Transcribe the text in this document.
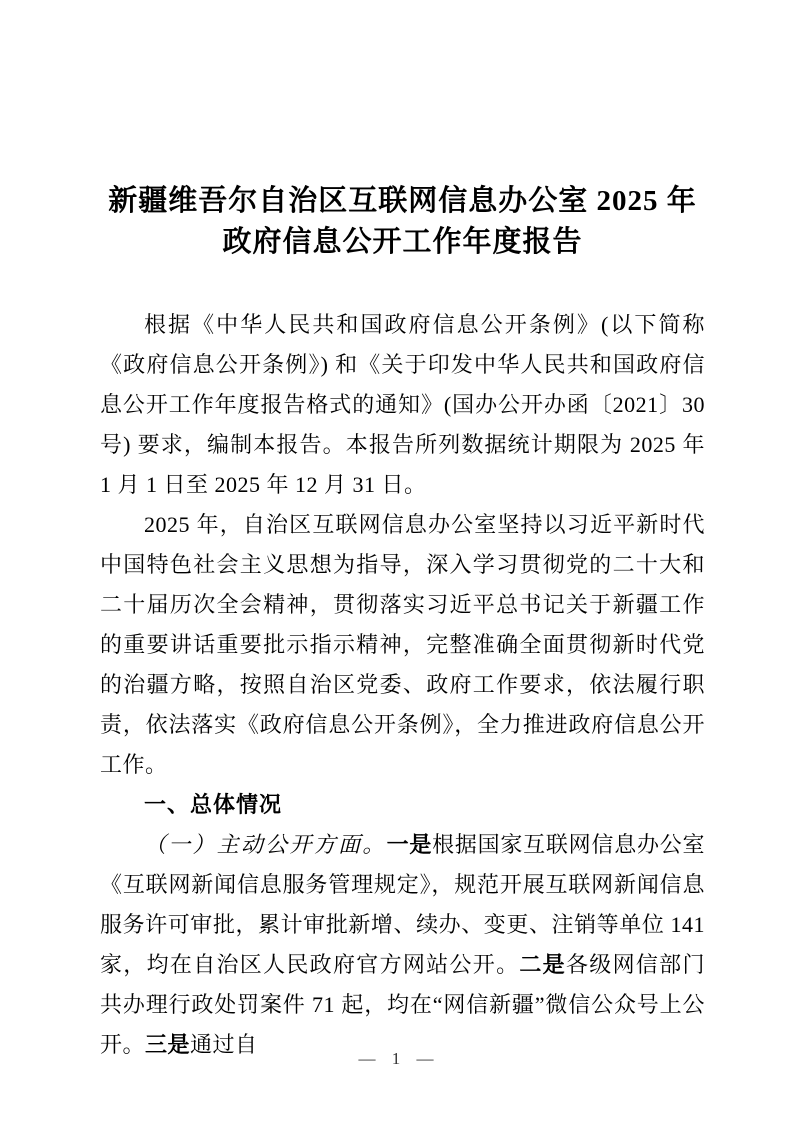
新疆维吾尔自治区互联网信息办公室 2025 年
政府信息公开工作年度报告

根据《中华人民共和国政府信息公开条例》(以下简称《政府信息公开条例》) 和《关于印发中华人民共和国政府信息公开工作年度报告格式的通知》(国办公开办函〔2021〕30 号) 要求，编制本报告。本报告所列数据统计期限为 2025 年 1 月 1 日至 2025 年 12 月 31 日。

2025 年，自治区互联网信息办公室坚持以习近平新时代中国特色社会主义思想为指导，深入学习贯彻党的二十大和二十届历次全会精神，贯彻落实习近平总书记关于新疆工作的重要讲话重要批示指示精神，完整准确全面贯彻新时代党的治疆方略，按照自治区党委、政府工作要求，依法履行职责，依法落实《政府信息公开条例》，全力推进政府信息公开工作。

一、总体情况

（一）主动公开方面。一是根据国家互联网信息办公室《互联网新闻信息服务管理规定》，规范开展互联网新闻信息服务许可审批，累计审批新增、续办、变更、注销等单位 141 家，均在自治区人民政府官方网站公开。二是各级网信部门共办理行政处罚案件 71 起，均在“网信新疆”微信公众号上公开。三是通过自

— 1 —
